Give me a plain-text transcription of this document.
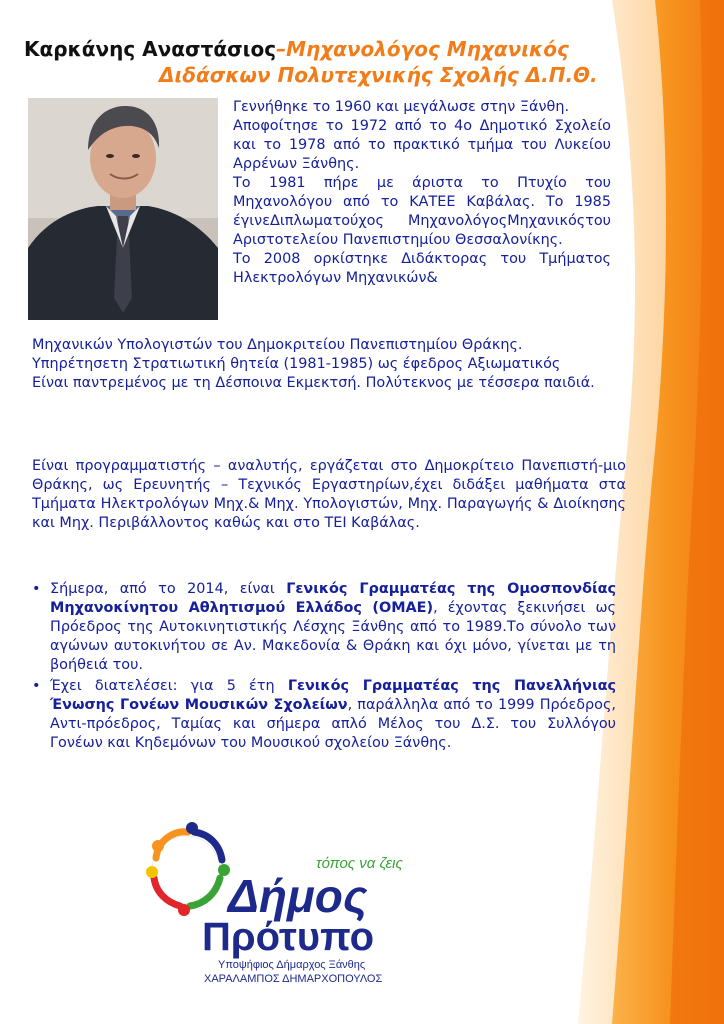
Καρκάνης Αναστάσιος–Μηχανολόγος Μηχανικός
Διδάσκων Πολυτεχνικής Σχολής Δ.Π.Θ.

Γεννήθηκε το 1960 και μεγάλωσε στην Ξάνθη.

Αποφοίτησε το 1972 από το 4ο Δημοτικό Σχολείο και το 1978 από το πρακτικό τμήμα του Λυκείου Αρρένων Ξάνθης.

Το 1981 πήρε με άριστα το Πτυχίο του Μηχανολόγου από το ΚΑΤΕΕ Καβάλας. Το 1985 έγινεΔιπλωματούχος ΜηχανολόγοςΜηχανικόςτου Αριστοτελείου Πανεπιστημίου Θεσσαλονίκης.

Το 2008 ορκίστηκε Διδάκτορας του Τμήματος Ηλεκτρολόγων Μηχανικών&

Μηχανικών Υπολογιστών του Δημοκριτείου Πανεπιστημίου Θράκης.

Υπηρέτησετη Στρατιωτική θητεία (1981-1985) ως έφεδρος Αξιωματικός

Είναι παντρεμένος με τη Δέσποινα Εκμεκτσή. Πολύτεκνος με τέσσερα παιδιά.

Είναι προγραμματιστής – αναλυτής, εργάζεται στο Δημοκρίτειο Πανεπιστή-μιο Θράκης, ως Ερευνητής – Τεχνικός Εργαστηρίων,έχει διδάξει μαθήματα στα Τμήματα Ηλεκτρολόγων Μηχ.& Μηχ. Υπολογιστών, Μηχ. Παραγωγής & Διοίκησης και Μηχ. Περιβάλλοντος καθώς και στο ΤΕΙ Καβάλας.

• Σήμερα, από το 2014, είναι Γενικός Γραμματέας της Ομοσπονδίας Μηχανοκίνητου Αθλητισμού Ελλάδος (ΟΜΑΕ), έχοντας ξεκινήσει ως Πρόεδρος της Αυτοκινητιστικής Λέσχης Ξάνθης από το 1989.Το σύνολο των αγώνων αυτοκινήτου σε Αν. Μακεδονία & Θράκη και όχι μόνο, γίνεται με τη βοήθειά του.

• Έχει διατελέσει: για 5 έτη Γενικός Γραμματέας της Πανελλήνιας Ένωσης Γονέων Μουσικών Σχολείων, παράλληλα από το 1999 Πρόεδρος, Αντι-πρόεδρος, Ταμίας και σήμερα απλό Μέλος του Δ.Σ. του Συλλόγου Γονέων και Κηδεμόνων του Μουσικού σχολείου Ξάνθης.

τόπος να ζεις
Δήμος
Πρότυπο
Υποψήφιος Δήμαρχος Ξάνθης
ΧΑΡΑΛΑΜΠΟΣ ΔΗΜΑΡΧΟΠΟΥΛΟΣ
